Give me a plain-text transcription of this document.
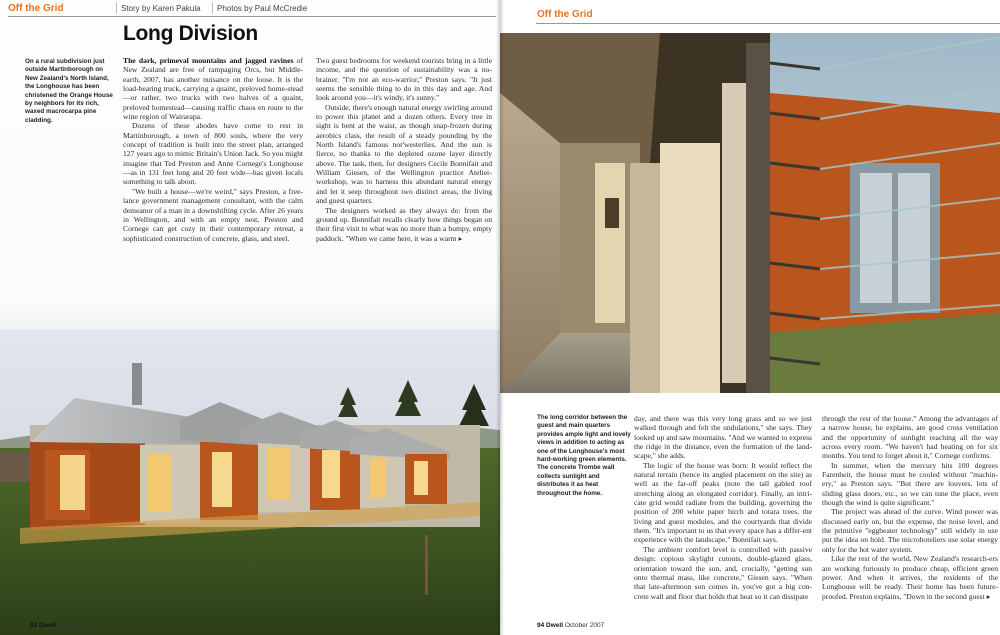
Off the Grid	Story by Karen Pakula Photos by Paul McCredie
Long Division
On a rural subdivision just outside Martinborough on New Zealand's North Island, the Longhouse has been christened the Orange House by neighbors for its rich, waxed macrocarpa pine cladding.

The dark, primeval mountains and jagged ravines of New Zealand are free of rampaging Orcs, but Middle-earth, 2007, has another nuisance on the loose. It is the load-bearing truck, carrying a quaint, preloved home-stead—or rather, two trucks with two halves of a quaint, preloved homestead—causing traffic chaos en route to the wine region of Wairarapa.

Dozens of these abodes have come to rest in Martinborough, a town of 800 souls, where the very concept of tradition is built into the street plan, arranged 127 years ago to mimic Britain's Union Jack. So you might imagine that Ted Preston and Anne Cornege's Longhouse—as in 131 feet long and 20 feet wide—has given locals something to talk about.

"We built a house—we're weird," says Preston, a free-lance government management consultant, with the calm demeanor of a man in a downshifting cycle. After 26 years in Wellington, and with an empty nest, Preston and Cornege can get cozy in their contemporary retreat, a sophisticated construction of concrete, glass, and steel.

Two guest bedrooms for weekend tourists bring in a little income, and the question of sustainability was a no-brainer. "I'm not an eco-warrior," Preston says. "It just seems the sensible thing to do in this day and age. And look around you—it's windy, it's sunny."

Outside, there's enough natural energy swirling around to power this planet and a dozen others. Every tree in sight is bent at the waist, as though snap-frozen during aerobics class, the result of a steady pounding by the North Island's famous nor'westerlies. And the sun is fierce, no thanks to the depleted ozone layer directly above. The task, then, for designers Cecile Bonnifait and William Giesen, of the Wellington practice Atelier-workshop, was to harness this abundant natural energy and let it seep throughout two distinct areas, the living and guest quarters.

The designers worked as they always do: from the ground up. Bonnifait recalls clearly how things began on their first visit to what was no more than a bumpy, empty paddock. "When we came here, it was a warm ▸

92 Dwell October 2007
Off the Grid
The long corridor between the guest and main quarters provides ample light and lovely views in addition to acting as one of the Longhouse's most hard-working green elements. The concrete Trombe wall collects sunlight and distributes it as heat throughout the home.

day, and there was this very long grass and so we just walked through and felt the undulations," she says. They looked up and saw mountains. "And we wanted to express the ridge in the distance, even the formation of the land-scape," she adds.

The logic of the house was born: It would reflect the natural terrain (hence its angled placement on the site) as well as the far-off peaks (note the tall gabled roof stretching along an elongated corridor). Finally, an intri-cate grid would radiate from the building, governing the position of 200 white paper birch and totara trees, the living and guest modules, and the courtyards that divide them. "It's important to us that every space has a differ-ent experience with the landscape," Bonnifait says.

The ambient comfort level is controlled with passive design: copious skylight cutouts, double-glazed glass, orientation toward the sun, and, crucially, "getting sun onto thermal mass, like concrete," Giesen says. "When that late-afternoon sun comes in, you've got a big con-crete wall and floor that holds that heat so it can dissipate

through the rest of the house." Among the advantages of a narrow house, he explains, are good cross ventilation and the opportunity of sunlight reaching all the way across every room. "We haven't had heating on for six months. You tend to forget about it," Cornege confirms.

In summer, when the mercury hits 100 degrees Farenheit, the house must be cooled without "machin-ery," as Preston says. "But there are louvers, lots of sliding glass doors, etc., so we can tune the place, even though the wind is quite significant."

The project was ahead of the curve. Wind power was discussed early on, but the expense, the noise level, and the primitive "eggbeater technology" still widely in use put the idea on hold. The microhoteliers use solar energy only for the hot water system.

Like the rest of the world, New Zealand's research-ers are working furiously to produce cheap, efficient green power. And when it arrives, the residents of the Longhouse will be ready. Their home has been future-proofed. Preston explains, "Down in the second guest ▸

94 Dwell October 2007
